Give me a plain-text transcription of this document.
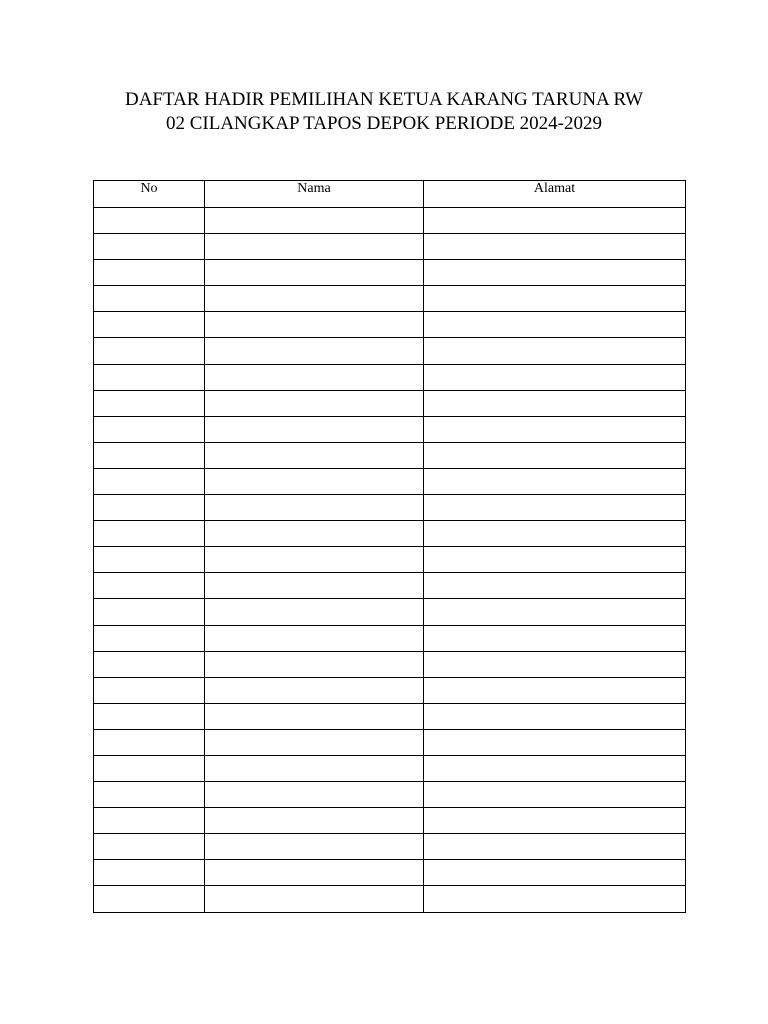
DAFTAR HADIR PEMILIHAN KETUA KARANG TARUNA RW
02 CILANGKAP TAPOS DEPOK PERIODE 2024-2029
No	Nama	Alamat
